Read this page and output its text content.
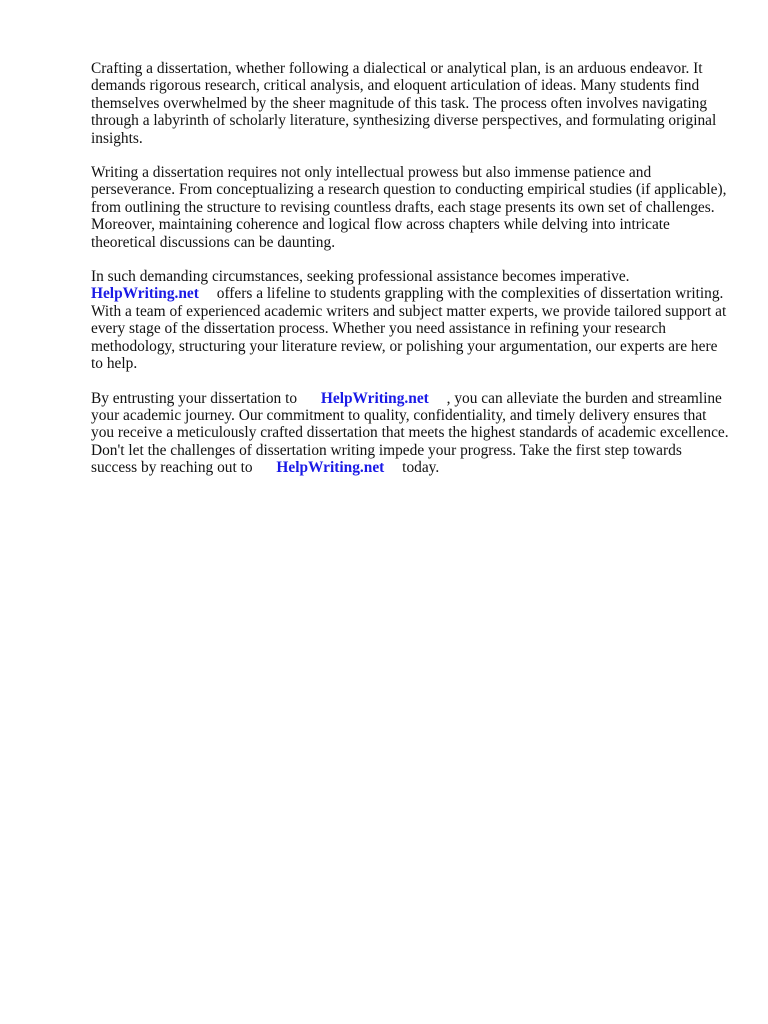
Crafting a dissertation, whether following a dialectical or analytical plan, is an arduous endeavor. It demands rigorous research, critical analysis, and eloquent articulation of ideas. Many students find themselves overwhelmed by the sheer magnitude of this task. The process often involves navigating through a labyrinth of scholarly literature, synthesizing diverse perspectives, and formulating original insights.

Writing a dissertation requires not only intellectual prowess but also immense patience and perseverance. From conceptualizing a research question to conducting empirical studies (if applicable), from outlining the structure to revising countless drafts, each stage presents its own set of challenges. Moreover, maintaining coherence and logical flow across chapters while delving into intricate theoretical discussions can be daunting.

In such demanding circumstances, seeking professional assistance becomes imperative.
HelpWriting.net offers a lifeline to students grappling with the complexities of dissertation writing. With a team of experienced academic writers and subject matter experts, we provide tailored support at every stage of the dissertation process. Whether you need assistance in refining your research methodology, structuring your literature review, or polishing your argumentation, our experts are here to help.

By entrusting your dissertation to HelpWriting.net , you can alleviate the burden and streamline your academic journey. Our commitment to quality, confidentiality, and timely delivery ensures that you receive a meticulously crafted dissertation that meets the highest standards of academic excellence. Don't let the challenges of dissertation writing impede your progress. Take the first step towards success by reaching out to HelpWriting.net today.
